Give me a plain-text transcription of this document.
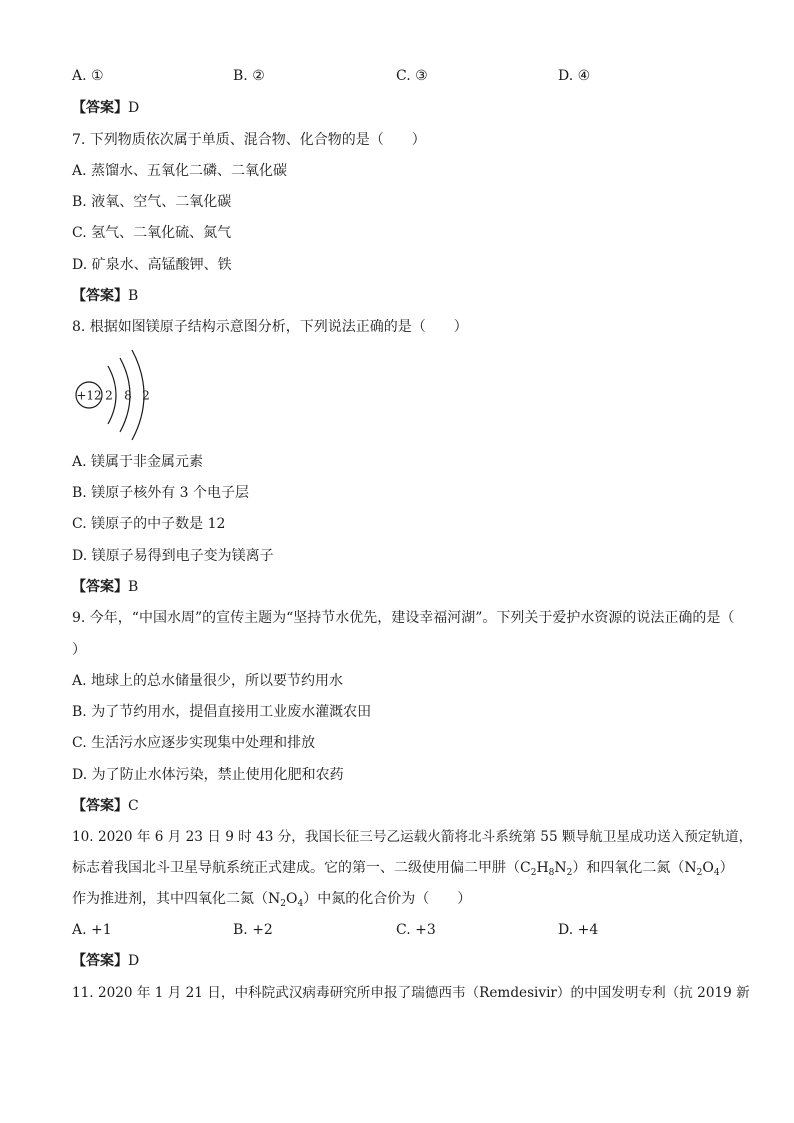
A. ①	B. ②	C. ③	D. ④
【答案】D
7. 下列物质依次属于单质、混合物、化合物的是（　　）
A. 蒸馏水、五氧化二磷、二氧化碳
B. 液氧、空气、二氧化碳
C. 氢气、二氧化硫、氮气
D. 矿泉水、高锰酸钾、铁
【答案】B
8. 根据如图镁原子结构示意图分析，下列说法正确的是（　　）
+12 2 8 2
A. 镁属于非金属元素
B. 镁原子核外有 3 个电子层
C. 镁原子的中子数是 12
D. 镁原子易得到电子变为镁离子
【答案】B
9. 今年，“中国水周”的宣传主题为“坚持节水优先，建设幸福河湖”。下列关于爱护水资源的说法正确的是（
）
A. 地球上的总水储量很少，所以要节约用水
B. 为了节约用水，提倡直接用工业废水灌溉农田
C. 生活污水应逐步实现集中处理和排放
D. 为了防止水体污染，禁止使用化肥和农药
【答案】C
10. 2020 年 6 月 23 日 9 时 43 分，我国长征三号乙运载火箭将北斗系统第 55 颗导航卫星成功送入预定轨道，
标志着我国北斗卫星导航系统正式建成。它的第一、二级使用偏二甲肼$(C_2H_8N_2)$和四氧化二氮$(N_2O_4)$
作为推进剂，其中四氧化二氮$(N_2O_4)$中氮的化合价为（　　）
A. +1	B. +2	C. +3	D. +4
【答案】D
11. 2020 年 1 月 21 日，中科院武汉病毒研究所申报了瑞德西韦（Remdesivir）的中国发明专利（抗 2019 新
